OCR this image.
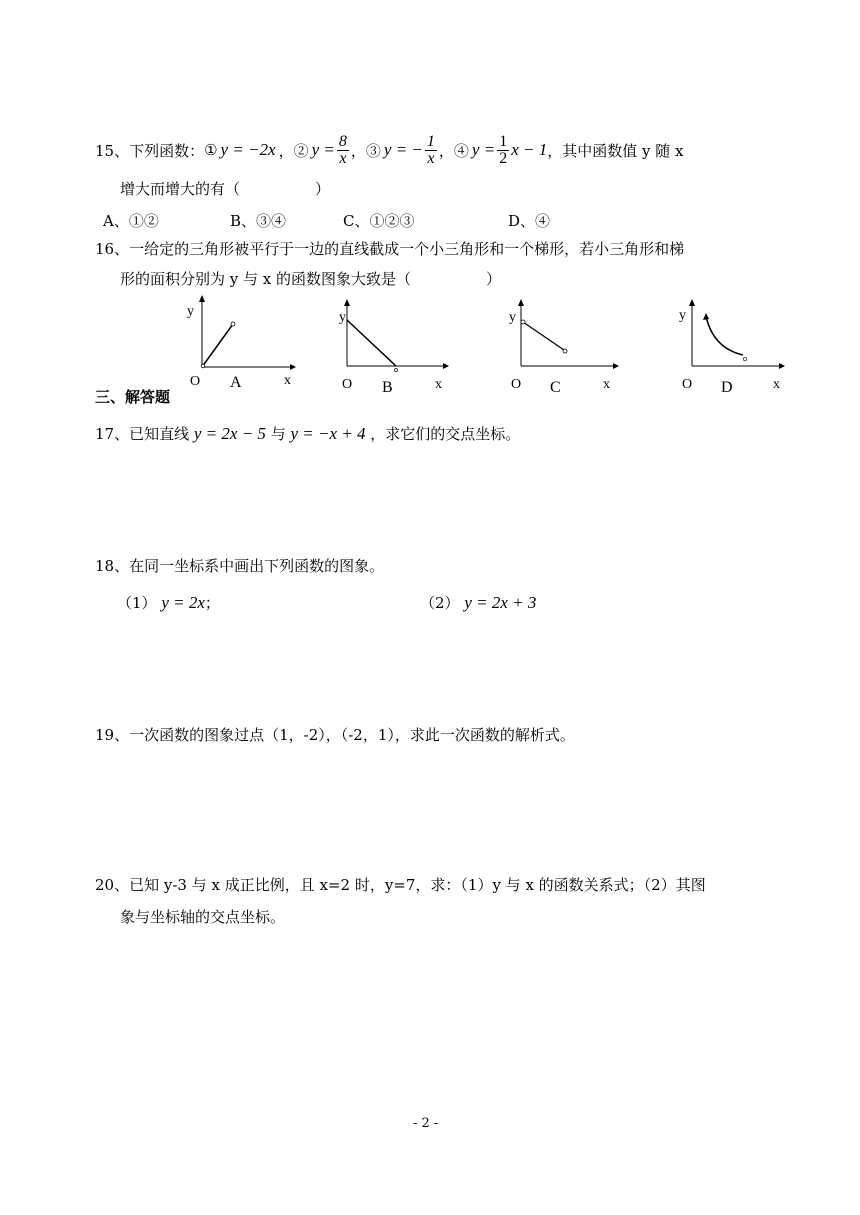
15、下列函数： ① y = −2x ，② $y = \frac{8}{x}$ ，③ y = − $\frac{1}{x}$ ，④ $y = \frac{1}{2}$ x − 1 ，其中函数值 y 随 x
增大而增大的有（　　　　　）
A、①②	B、③④	C、①②③	D、④
16、一给定的三角形被平行于一边的直线截成一个小三角形和一个梯形，若小三角形和梯
形的面积分别为 y 与 x 的函数图象大致是（　　　　　）
y
O A	x
y
O B	x
y
O C	x
y
O D	x
三、解答题
17、已知直线 y = 2x − 5 与 y = −x + 4 ，求它们的交点坐标。
18、在同一坐标系中画出下列函数的图象。
（1） y = 2x；	（2） y = 2x + 3
19、一次函数的图象过点（1，-2），（-2，1），求此一次函数的解析式。
20、已知 y-3 与 x 成正比例，且 x=2 时，y=7，求：（1）y 与 x 的函数关系式；（2）其图
象与坐标轴的交点坐标。
- 2 -
